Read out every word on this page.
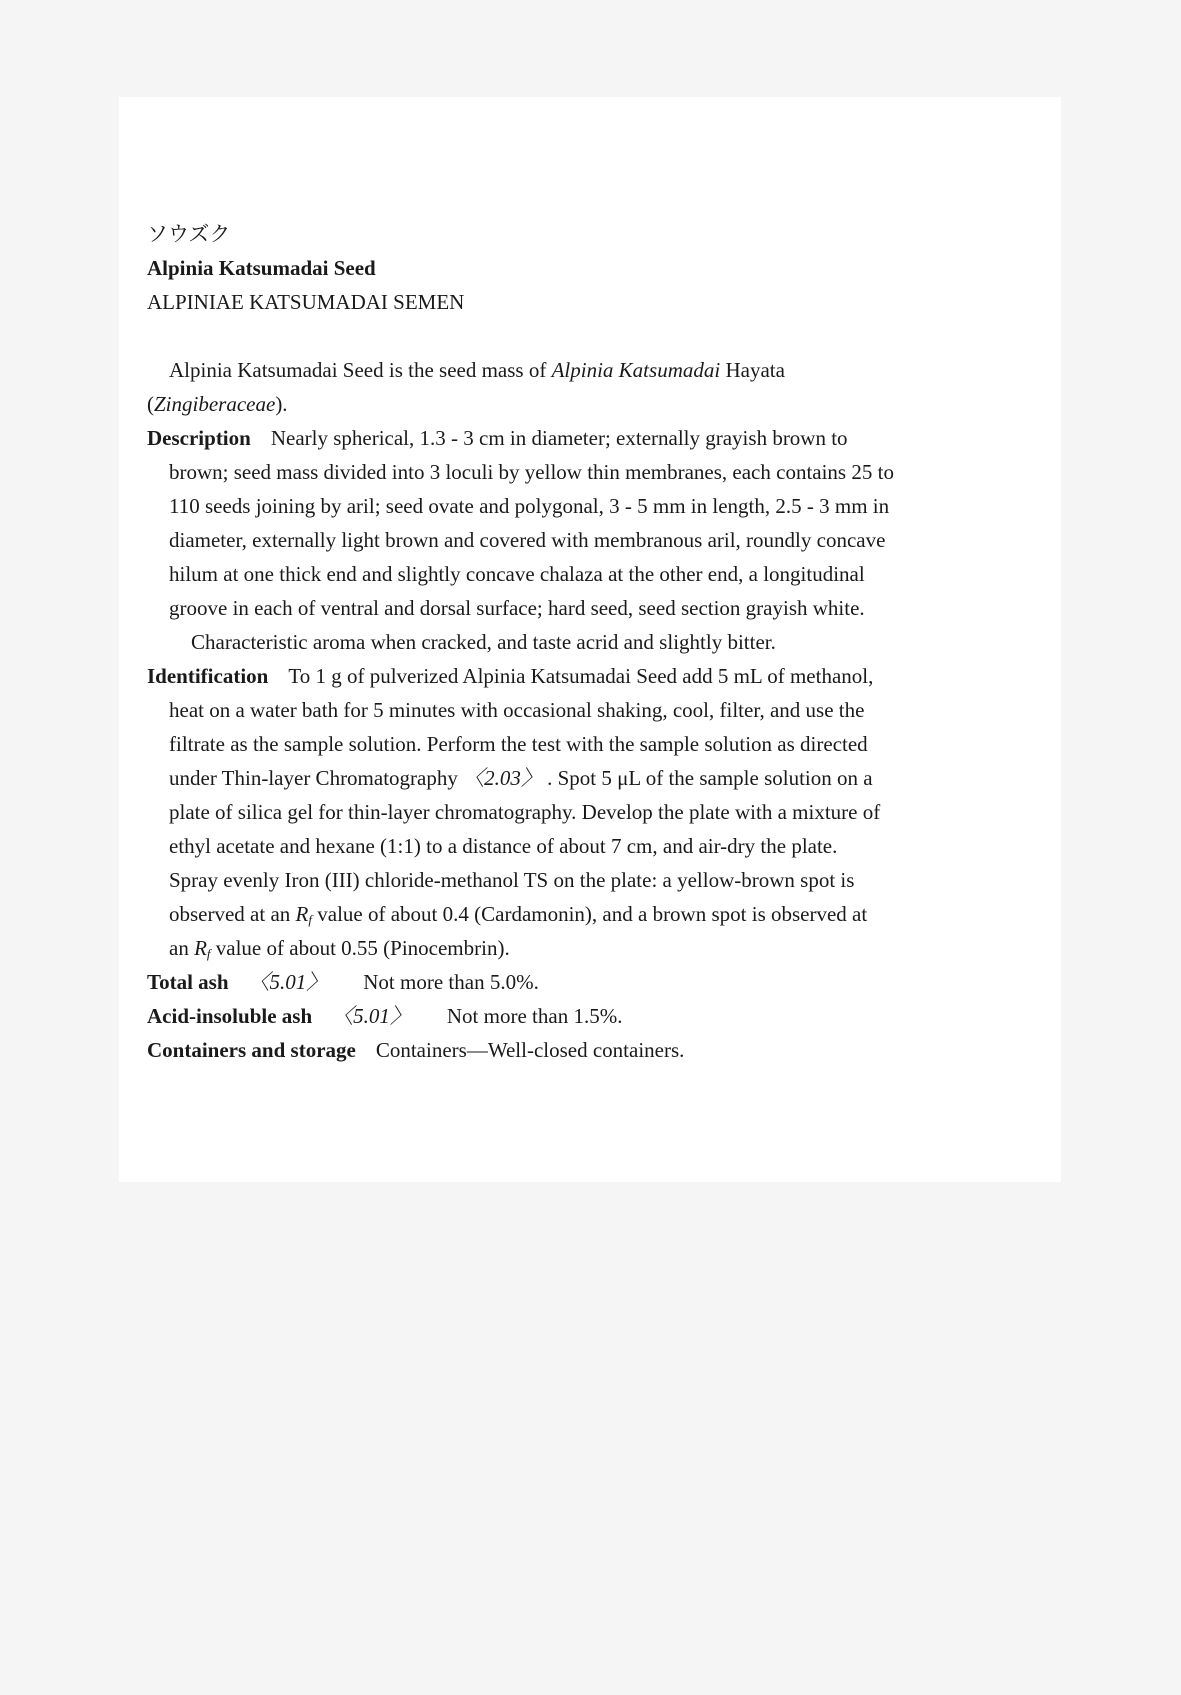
ソウズク
Alpinia Katsumadai Seed
ALPINIAE KATSUMADAI SEMEN
Alpinia Katsumadai Seed is the seed mass of Alpinia Katsumadai Hayata
(Zingiberaceae).
Description Nearly spherical, 1.3 - 3 cm in diameter; externally grayish brown to
brown; seed mass divided into 3 loculi by yellow thin membranes, each contains 25 to
110 seeds joining by aril; seed ovate and polygonal, 3 - 5 mm in length, 2.5 - 3 mm in
diameter, externally light brown and covered with membranous aril, roundly concave
hilum at one thick end and slightly concave chalaza at the other end, a longitudinal
groove in each of ventral and dorsal surface; hard seed, seed section grayish white.
Characteristic aroma when cracked, and taste acrid and slightly bitter.
Identification To 1 g of pulverized Alpinia Katsumadai Seed add 5 mL of methanol,
heat on a water bath for 5 minutes with occasional shaking, cool, filter, and use the
filtrate as the sample solution. Perform the test with the sample solution as directed
under Thin-layer Chromatography 〈2.03〉 . Spot 5 μL of the sample solution on a
plate of silica gel for thin-layer chromatography. Develop the plate with a mixture of
ethyl acetate and hexane (1:1) to a distance of about 7 cm, and air-dry the plate.
Spray evenly Iron (III) chloride-methanol TS on the plate: a yellow-brown spot is
observed at an Rf value of about 0.4 (Cardamonin), and a brown spot is observed at
an Rf value of about 0.55 (Pinocembrin).
Total ash 〈5.01〉 Not more than 5.0%.
Acid-insoluble ash 〈5.01〉 Not more than 1.5%.
Containers and storage Containers—Well-closed containers.
